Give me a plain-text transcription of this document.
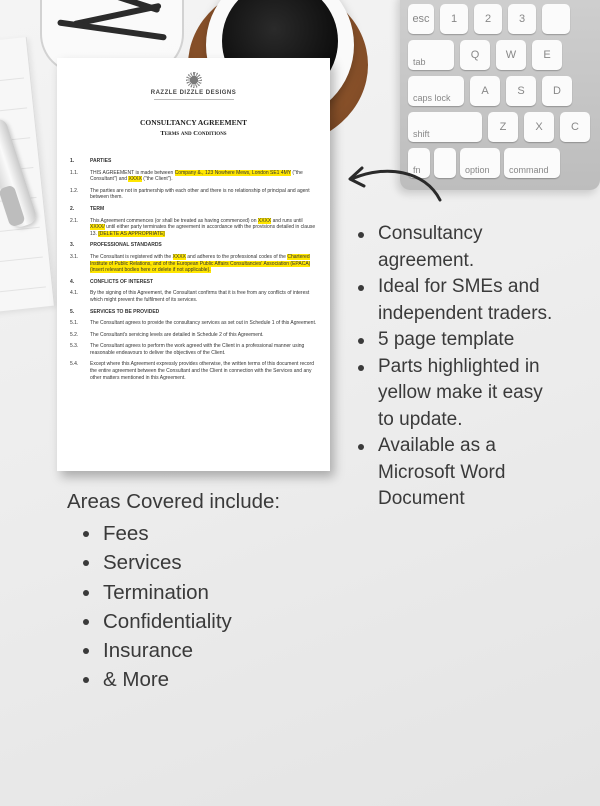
esc	1	2	3
tab
Q	W	E
caps lock
A	S	D
shift
Z	X	C
fn	option	command
RAZZLE DIZZLE DESIGNS
CONSULTANCY AGREEMENT
Terms and Conditions
1.	PARTIES
1.1.	THIS AGREEMENT is made between Company &., 123 Nowhere Mews, London SE1 4MY ("the Consultant") and XXXX ("the Client").
1.2.	The parties are not in partnership with each other and there is no relationship of principal and agent between them.
2.	TERM
2.1.	This Agreement commences (or shall be treated as having commenced) on XXXX and runs until XXXX/ until either party terminates the agreement in accordance with the provisions detailed in clause 13. [DELETE AS APPROPRIATE]
3.	PROFESSIONAL STANDARDS
3.1.	The Consultant is registered with the XXXX and adheres to the professional codes of the Chartered Institute of Public Relations, and of the European Public Affairs Consultancies' Association (EPACA) (insert relevant bodies here or delete if not applicable).
4.	CONFLICTS OF INTEREST
4.1.	By the signing of this Agreement, the Consultant confirms that it is free from any conflicts of interest which might prevent the fulfilment of its services.
5.	SERVICES TO BE PROVIDED
5.1.	The Consultant agrees to provide the consultancy services as set out in Schedule 1 of this Agreement.
5.2.	The Consultant's servicing levels are detailed in Schedule 2 of this Agreement.
5.3.	The Consultant agrees to perform the work agreed with the Client in a professional manner using reasonable endeavours to deliver the objectives of the Client.
5.4.	Except where this Agreement expressly provides otherwise, the written terms of this document record the entire agreement between the Consultant and the Client in connection with the Services and any other matters mentioned in this Agreement.
Consultancy agreement.
Ideal for SMEs and independent traders.
5 page template
Parts highlighted in yellow make it easy to update.
Available as a Microsoft Word Document
Areas Covered include:
Fees
Services
Termination
Confidentiality
Insurance
& More
